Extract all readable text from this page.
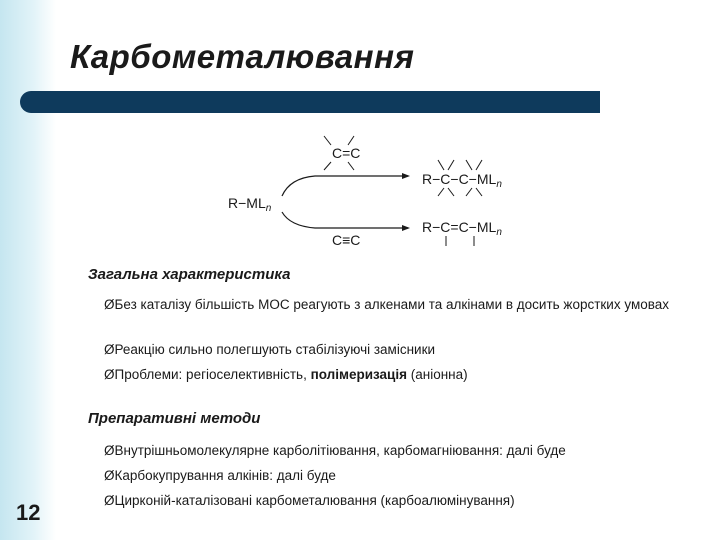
Карбометалювання
$R-ML_n$
C=C
C≡C
$R-C-C-ML_n$
$R-C=C-ML_n$
Загальна характеристика
ØБез каталізу більшість МОС реагують з алкенами та алкінами в досить жорстких умовах
ØРеакцію сильно полегшують стабілізуючі замісники
ØПроблеми: регіоселективність, полімеризація (аніонна)
Препаративні методи
ØВнутрішньомолекулярне карболітіювання, карбомагніювання: далі буде
ØКарбокупрування алкінів: далі буде
ØЦирконій-каталізовані карбометалювання (карбоалюмінування)
12
